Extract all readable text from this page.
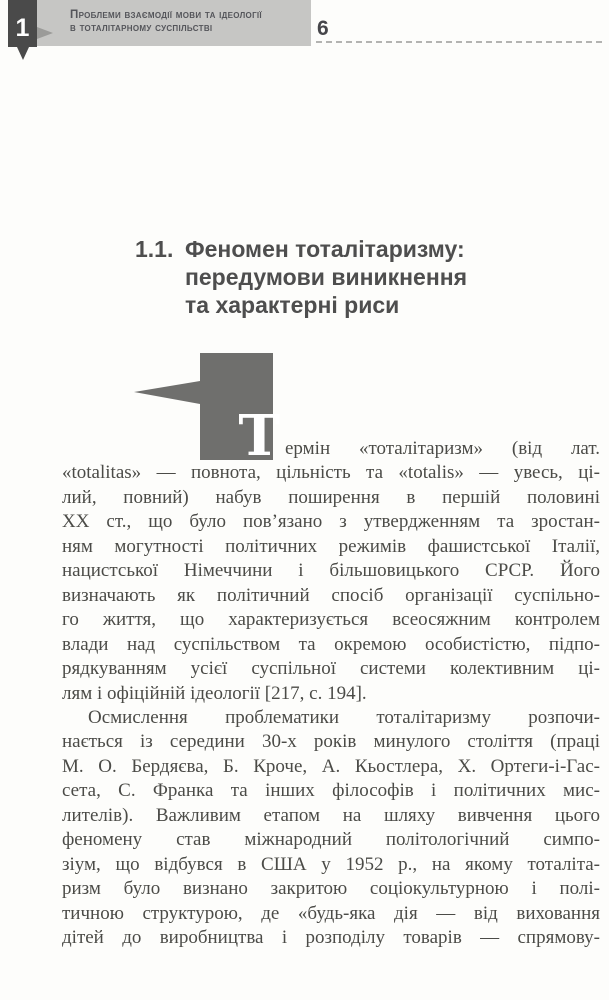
Проблеми взаємодії мови та ідеології
в тоталітарному суспільстві
1	6
1.1. Феномен тоталітаризму:
передумови виникнення
та характерні риси
Т ермін «тоталітаризм» (від лат.
«totalitas» — повнота, цільність та «totalis» — увесь, ці-
лий, повний) набув поширення в першій половині
XX ст., що було пов’язано з утвердженням та зростан-
ням могутності політичних режимів фашистської Італії,
нацистської Німеччини і більшовицького СРСР. Його
визначають як політичний спосіб організації суспільно-
го життя, що характеризується всеосяжним контролем
влади над суспільством та окремою особистістю, підпо-
рядкуванням усієї суспільної системи колективним ці-
лям і офіційній ідеології [217, с. 194].
Осмислення проблематики тоталітаризму розпочи-
нається із середини 30-х років минулого століття (праці
М. О. Бердяєва, Б. Кроче, А. Кьостлера, Х. Ортеги-і-Гас-
сета, С. Франка та інших філософів і політичних мис-
лителів). Важливим етапом на шляху вивчення цього
феномену став міжнародний політологічний симпо-
зіум, що відбувся в США у 1952 р., на якому тоталіта-
ризм було визнано закритою соціокультурною і полі-
тичною структурою, де «будь-яка дія — від виховання
дітей до виробництва і розподілу товарів — спрямову-
